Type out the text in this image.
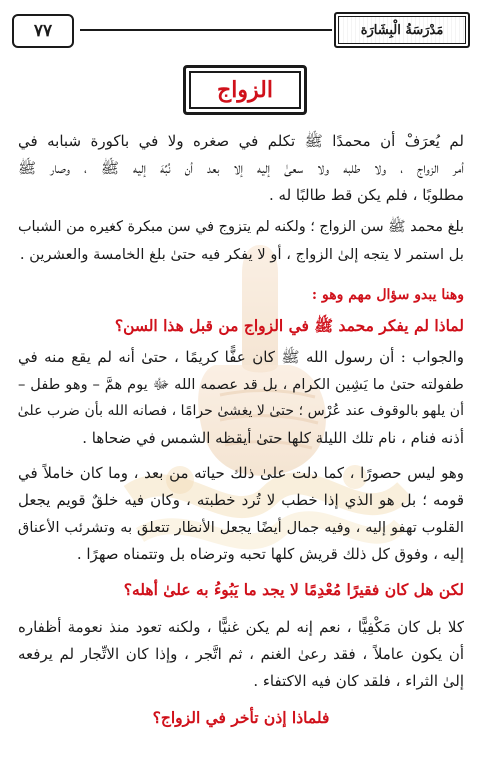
٧٧	مَدْرَسَةُ الْبِشَارَة
الزواج
لم يُعرَفْ أن محمدًا ﷺ تكلم في صغره ولا في باكورة شبابه في
أمر الزواج ، ولا طلبه ولا سعىٰ إليه إلا بعد أن نُبِّهَ إليه ﷺ ، وصار ﷺ
مطلوبًا ، فلم يكن قط طالبًا له .
بلغ محمد ﷺ سن الزواج ؛ ولكنه لم يتزوج في سن مبكرة كغيره من الشباب
بل استمر لا يتجه إلىٰ الزواج ، أو لا يفكر فيه حتىٰ بلغ الخامسة والعشرين .
وهنا يبدو سؤال مهم وهو :
لماذا لم يفكر محمد ﷺ في الزواج من قبل هذا السن؟
والجواب : أن رسول الله ﷺ كان عفًّا كريمًا ، حتىٰ أنه لم يقع منه في
طفولته حتىٰ ما يَشِين الكرام ، بل قد عصمه الله ﷻ يوم همَّ – وهو طفل –
أن يلهو بالوقوف عند عُرْس ؛ حتىٰ لا يغشىٰ حرامًا ، فصانه الله بأن ضرب علىٰ
أذنه فنام ، نام تلك الليلة كلها حتىٰ أيقظه الشمس في ضحاها .
وهو ليس حصورًا ، كما دلت علىٰ ذلك حياته من بعد ، وما كان خاملاً في
قومه ؛ بل هو الذي إذا خطب لا تُرد خطبته ، وكان فيه خلقٌ قويم يجعل
القلوب تهفو إليه ، وفيه جمال أيضًا يجعل الأنظار تتعلق به وتشرئب الأعناق
إليه ، وفوق كل ذلك قريش كلها تحبه وترضاه بل وتتمناه صهرًا .
لكن هل كان فقيرًا مُعْدِمًا لا يجد ما يَبُوءُ به علىٰ أهله؟
كلا بل كان مَكْفِيًّا ، نعم إنه لم يكن غنيًّا ، ولكنه تعود منذ نعومة أظفاره
أن يكون عاملاً ، فقد رعىٰ الغنم ، ثم اتَّجر ، وإذا كان الاتِّجار لم يرفعه
إلىٰ الثراء ، فلقد كان فيه الاكتفاء .
فلماذا إذن تأخر في الزواج؟
